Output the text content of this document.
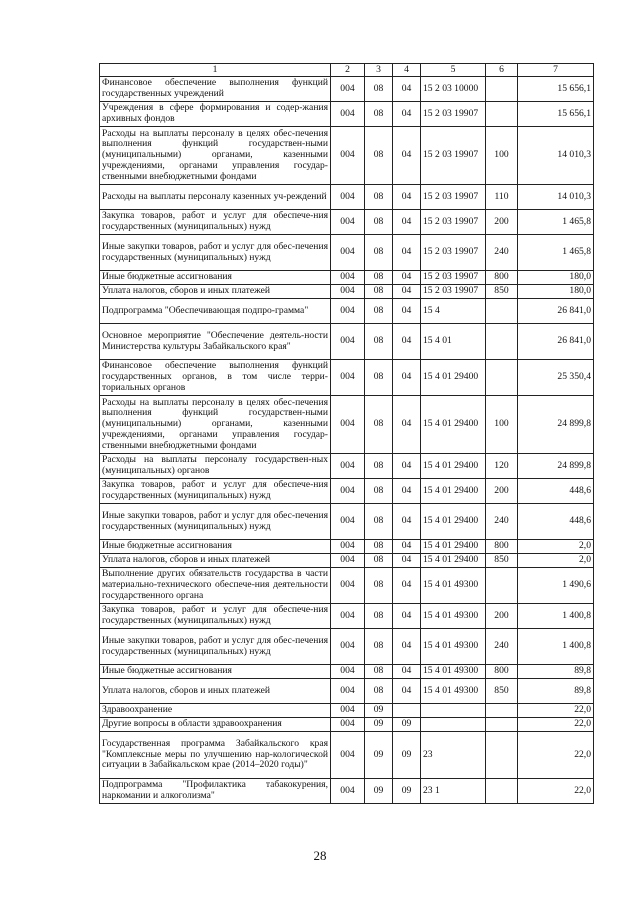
1	2	3	4	5	6	7
Финансовое обеспечение выполнения функций государственных учреждений	004	08	04	15 2 03 10000		15 656,1
Учреждения в сфере формирования и содер-жания архивных фондов	004	08	04	15 2 03 19907		15 656,1
Расходы на выплаты персоналу в целях обес-печения выполнения функций государствен-ными (муниципальными) органами, казенными учреждениями, органами управления государ-ственными внебюджетными фондами	004	08	04	15 2 03 19907	100	14 010,3
Расходы на выплаты персоналу казенных уч-реждений	004	08	04	15 2 03 19907	110	14 010,3
Закупка товаров, работ и услуг для обеспече-ния государственных (муниципальных) нужд	004	08	04	15 2 03 19907	200	1 465,8
Иные закупки товаров, работ и услуг для обес-печения государственных (муниципальных) нужд	004	08	04	15 2 03 19907	240	1 465,8
Иные бюджетные ассигнования	004	08	04	15 2 03 19907	800	180,0
Уплата налогов, сборов и иных платежей	004	08	04	15 2 03 19907	850	180,0
Подпрограмма "Обеспечивающая подпро-грамма"	004	08	04	15 4		26 841,0
Основное мероприятие "Обеспечение деятель-ности Министерства культуры Забайкальского края"	004	08	04	15 4 01		26 841,0
Финансовое обеспечение выполнения функций государственных органов, в том числе терри-ториальных органов	004	08	04	15 4 01 29400		25 350,4
Расходы на выплаты персоналу в целях обес-печения выполнения функций государствен-ными (муниципальными) органами, казенными учреждениями, органами управления государ-ственными внебюджетными фондами	004	08	04	15 4 01 29400	100	24 899,8
Расходы на выплаты персоналу государствен-ных (муниципальных) органов	004	08	04	15 4 01 29400	120	24 899,8
Закупка товаров, работ и услуг для обеспече-ния государственных (муниципальных) нужд	004	08	04	15 4 01 29400	200	448,6
Иные закупки товаров, работ и услуг для обес-печения государственных (муниципальных) нужд	004	08	04	15 4 01 29400	240	448,6
Иные бюджетные ассигнования	004	08	04	15 4 01 29400	800	2,0
Уплата налогов, сборов и иных платежей	004	08	04	15 4 01 29400	850	2,0
Выполнение других обязательств государства в части материально-технического обеспече-ния деятельности государственного органа	004	08	04	15 4 01 49300		1 490,6
Закупка товаров, работ и услуг для обеспече-ния государственных (муниципальных) нужд	004	08	04	15 4 01 49300	200	1 400,8
Иные закупки товаров, работ и услуг для обес-печения государственных (муниципальных) нужд	004	08	04	15 4 01 49300	240	1 400,8
Иные бюджетные ассигнования	004	08	04	15 4 01 49300	800	89,8
Уплата налогов, сборов и иных платежей	004	08	04	15 4 01 49300	850	89,8
Здравоохранение	004	09				22,0
Другие вопросы в области здравоохранения	004	09	09			22,0
Государственная программа Забайкальского края "Комплексные меры по улучшению нар-кологической ситуации в Забайкальском крае (2014–2020 годы)"	004	09	09	23		22,0
Подпрограмма "Профилактика табакокурения, наркомании и алкоголизма"	004	09	09	23 1		22,0
28
